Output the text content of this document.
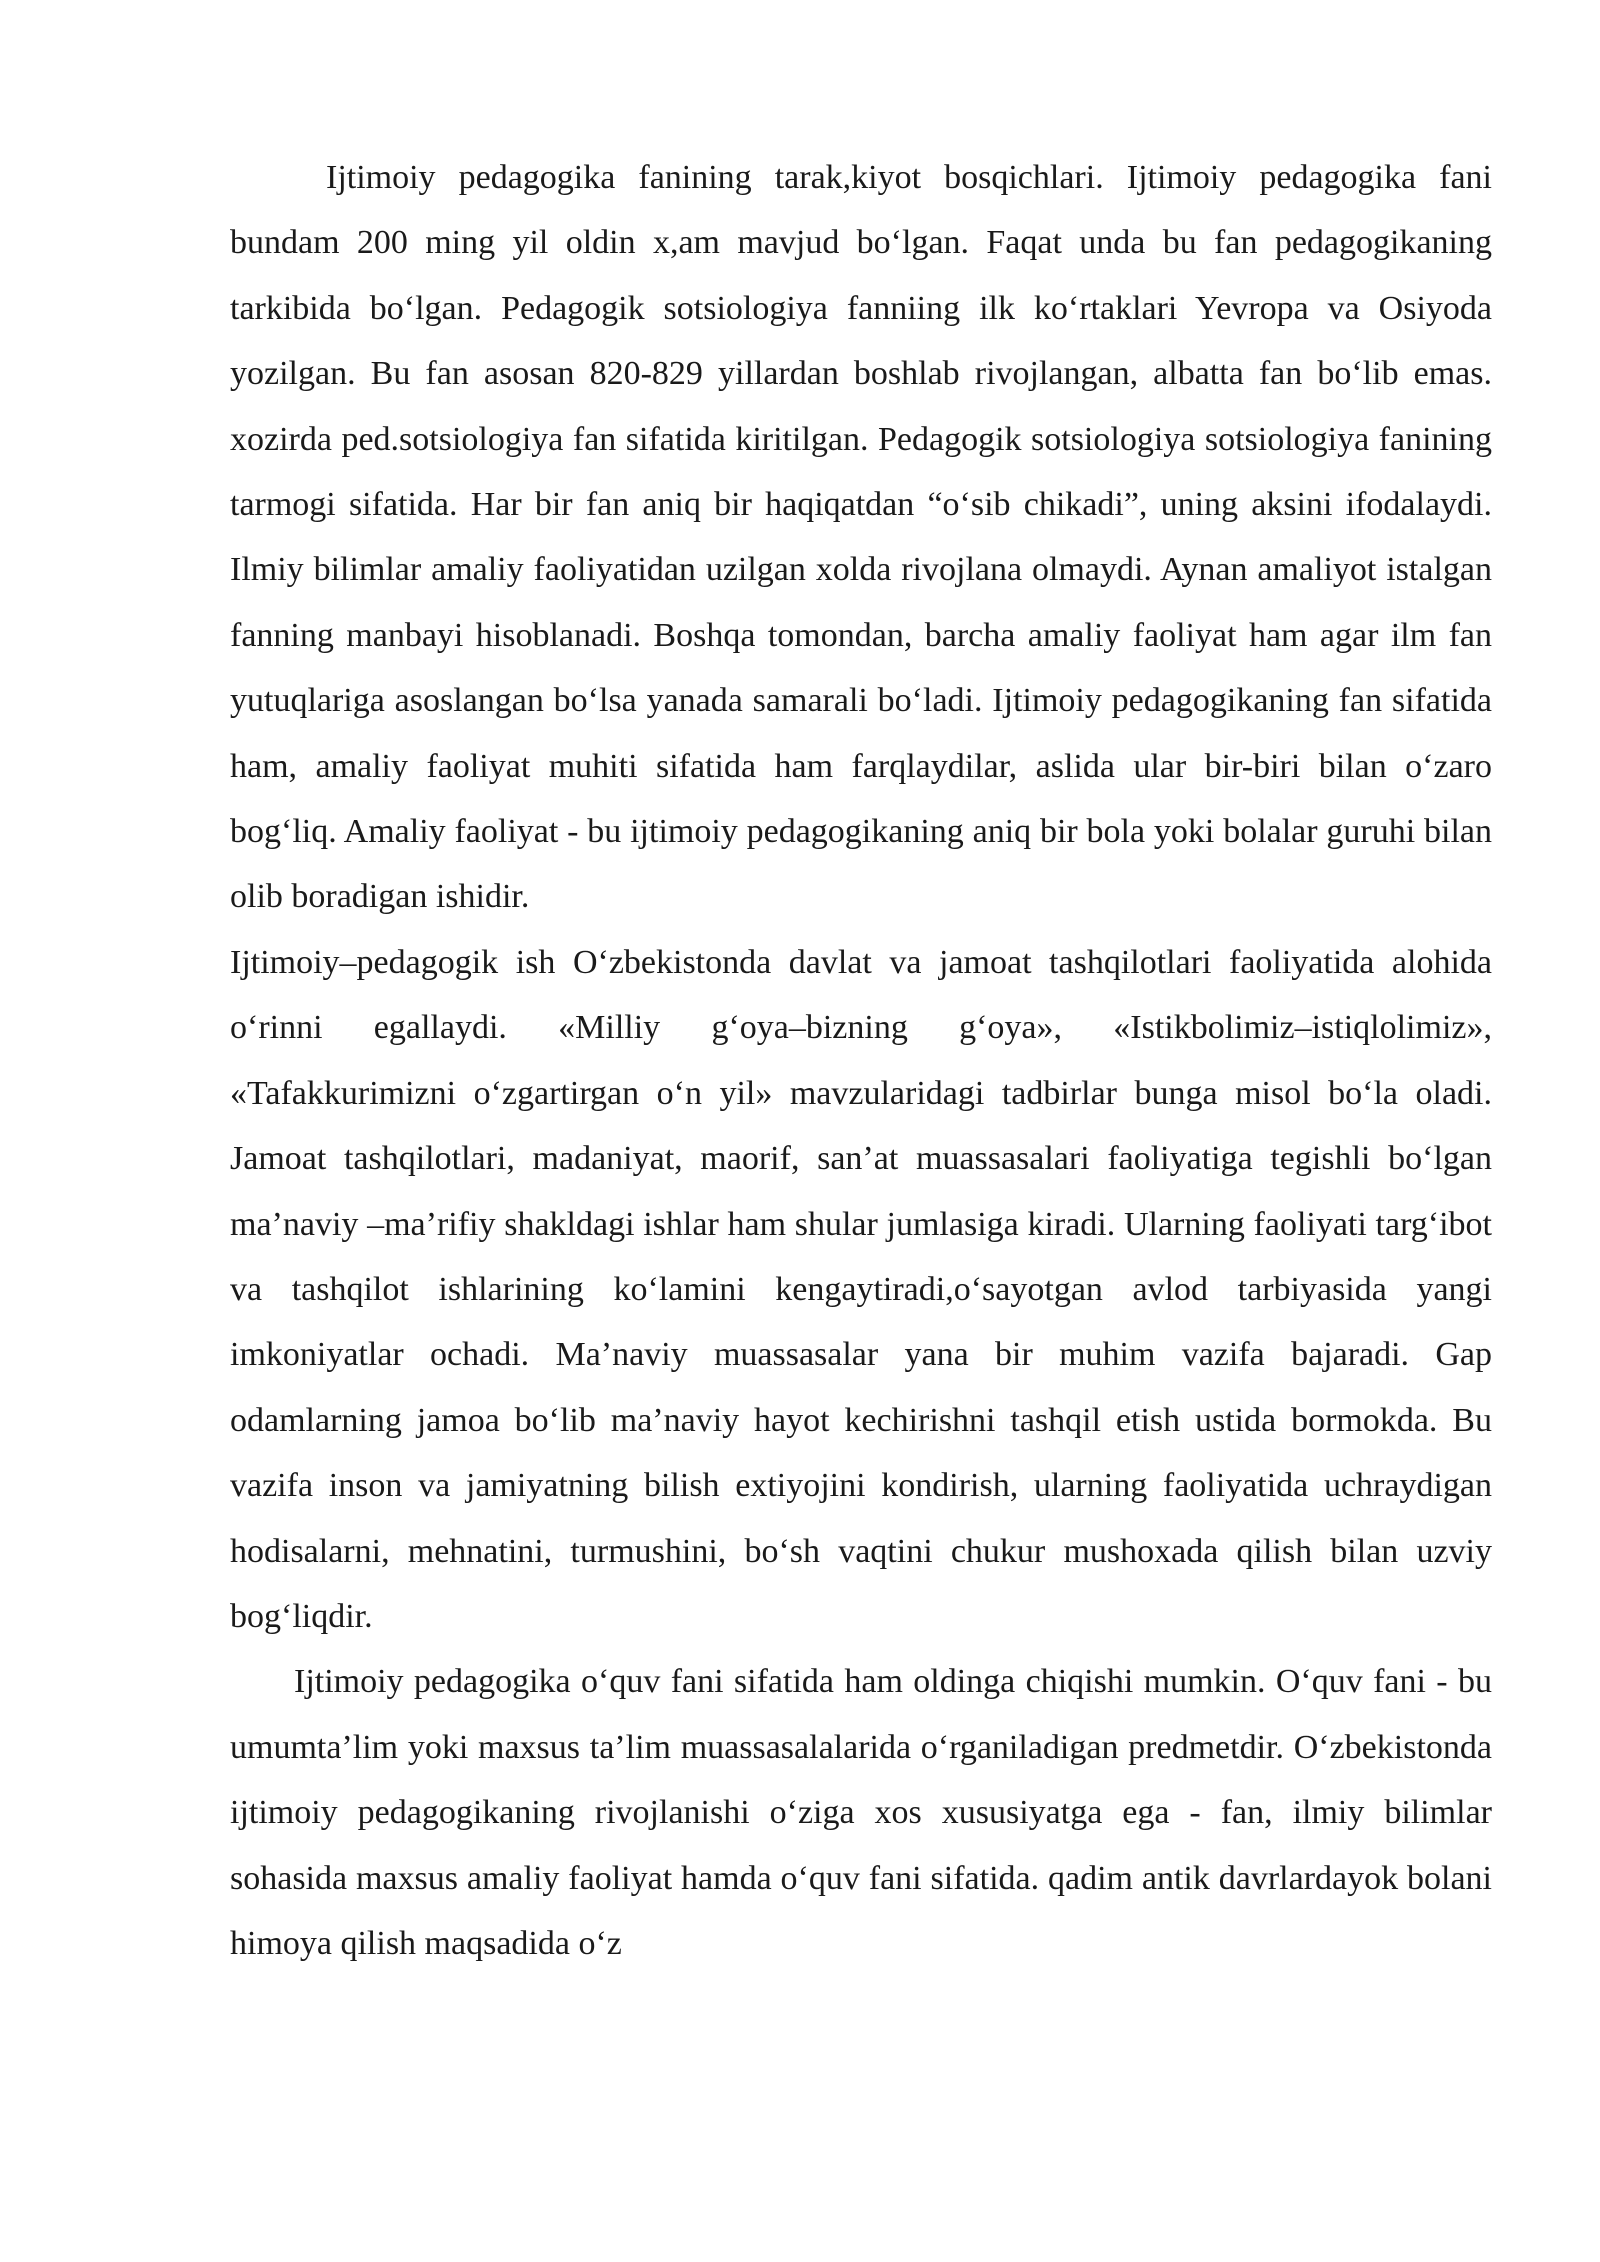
Ijtimoiy pedagogika fanining tarak,kiyot bosqichlari. Ijtimoiy pedagogika fani bundam 200 ming yil oldin x,am mavjud bo‘lgan. Faqat unda bu fan pedagogikaning tarkibida bo‘lgan. Pedagogik sotsiologiya fanniing ilk ko‘rtaklari Yevropa va Osiyoda yozilgan. Bu fan asosan 820-829 yillardan boshlab rivojlangan, albatta fan bo‘lib emas. xozirda ped.sotsiologiya fan sifatida kiritilgan. Pedagogik sotsiologiya sotsiologiya fanining tarmogi sifatida. Har bir fan aniq bir haqiqatdan “o‘sib chikadi”, uning aksini ifodalaydi. Ilmiy bilimlar amaliy faoliyatidan uzilgan xolda rivojlana olmaydi. Aynan amaliyot istalgan fanning manbayi hisoblanadi. Boshqa tomondan, barcha amaliy faoliyat ham agar ilm fan yutuqlariga asoslangan bo‘lsa yanada samarali bo‘ladi. Ijtimoiy pedagogikaning fan sifatida ham, amaliy faoliyat muhiti sifatida ham farqlaydilar, aslida ular bir-biri bilan o‘zaro bog‘liq. Amaliy faoliyat - bu ijtimoiy pedagogikaning aniq bir bola yoki bolalar guruhi bilan olib boradigan ishidir.

Ijtimoiy–pedagogik ish O‘zbekistonda davlat va jamoat tashqilotlari faoliyatida alohida o‘rinni egallaydi. «Milliy g‘oya–bizning g‘oya», «Istikbolimiz–istiqlolimiz», «Tafakkurimizni o‘zgartirgan o‘n yil» mavzularidagi tadbirlar bunga misol bo‘la oladi. Jamoat tashqilotlari, madaniyat, maorif, san’at muassasalari faoliyatiga tegishli bo‘lgan ma’naviy –ma’rifiy shakldagi ishlar ham shular jumlasiga kiradi. Ularning faoliyati targ‘ibot va tashqilot ishlarining ko‘lamini kengaytiradi,o‘sayotgan avlod tarbiyasida yangi imkoniyatlar ochadi. Ma’naviy muassasalar yana bir muhim vazifa bajaradi. Gap odamlarning jamoa bo‘lib ma’naviy hayot kechirishni tashqil etish ustida bormokda. Bu vazifa inson va jamiyatning bilish extiyojini kondirish, ularning faoliyatida uchraydigan hodisalarni, mehnatini, turmushini, bo‘sh vaqtini chukur mushoxada qilish bilan uzviy bog‘liqdir.

Ijtimoiy pedagogika o‘quv fani sifatida ham oldinga chiqishi mumkin. O‘quv fani - bu umumta’lim yoki maxsus ta’lim muassasalalarida o‘rganiladigan predmetdir. O‘zbekistonda ijtimoiy pedagogikaning rivojlanishi o‘ziga xos xususiyatga ega - fan, ilmiy bilimlar sohasida maxsus amaliy faoliyat hamda o‘quv fani sifatida. qadim antik davrlardayok bolani himoya qilish maqsadida o‘z
